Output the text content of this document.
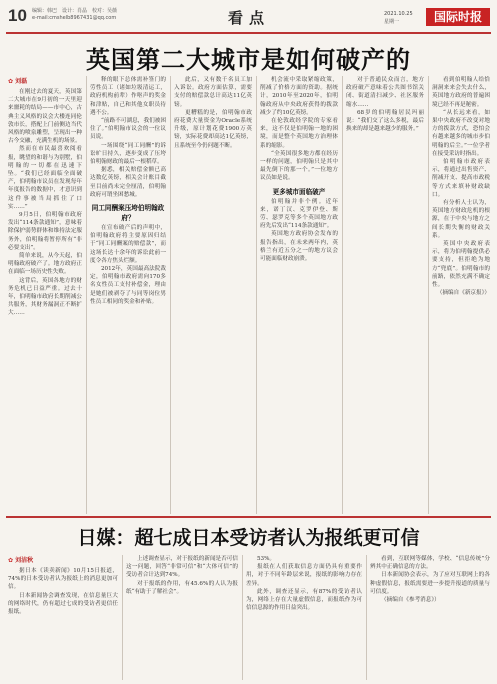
10 编辑：韩巴　设计：肖晶　校对：吴薇
e-mail:cmshelb8967431@qq.com	看点	2021.10.25
星期一	国际时报
英国第二大城市是如何破产的
✿ 刘磊

在刚过去的夏天，英国第二大城市在9月初的一天里迎来噩耗的结局——市中心，古典主义风格的议会大楼连同伦敦市长，搭配上门前侧边当代风格的喷泉雕塑，呈现出一种古今交融，充满生机的场景。

然而在市民最喜欢阅看报，眺望的和谐与为别墅，伯明翰的一切都在迅速下坠。“我们已经面临全面破产，伯明翰市议员在发现每年年度报告的数据中，才意识到这件事被当局抓住了口实……”

9月5日，伯明翰市政府发出“114条款通知”，意味着除保护弱势群体和维持法定服务外，伯明翰将暂停所有“非必要支出”。

简单来说，从今天起，伯明翰政府破产了。地方政府正在面临一场历史性失败。

这背后，英国各地方的财务危机已日益严重。过去十年，伯明翰市政府长期削减公共服务，其财务漏洞正不断扩大……

释的眼下总体需补签门的劳性员工（诸如垃圾清运工，政府机构前辈）作呕声的奖金和津贴，自己和其他女职员待遇不公。

“前路不可湖息，我们被困住了。”伯明翰市议会的一位议员说。

一场围绕“同工同酬”的诉讼旷日持久，逐步变成了压垮伯明翰财政的最后一根稻草。

据悉，相关赔偿金额已高达数亿英镑，相关会计账目截至目前尚未完全厘清，伯明翰政府可谓坐困愁城。

同工同酬案压垮伯明翰政府？

在宣布破产后的声明中，伯明翰政府将主要原因归结于“同工同酬案的赔偿款”，而这场长达十余年的诉讼此前一度令各方焦头烂额。

2012年，英国最高法院裁定，伯明翰市政府需向170多名女性员工支付补偿金，理由是她们被剥夺了与同等岗位男性员工相同的奖金和补贴。

此后，又有数千名员工加入诉讼。政府方面估算，需要支付的赔偿款总计高达11亿英镑。

更糟糕的是，伯明翰市政府花费大量资金为Oracle系统升级，原计划花费1900万英镑，实际花费却高达1亿英镑，且系统至今仍问题不断。

机会流中采取紧缩政策，削减了价格方面的资助。据统计，2010年至2020年，伯明翰政府从中央政府获得的拨款减少了约10亿英镑。

在伦敦政经学院的专家看来，这不仅是伯明翰一地的困境，而是整个英国地方治理体系的缩影。

“全英国很多地方都在经历一样的问题，伯明翰只是其中最先倒下的那一个。”一位地方议员如是说。

更多城市面临破产

伯明翰并非个例。近年来，诺丁汉、克罗伊登、斯劳、瑟罗克等多个英国地方政府先后发出“114条款通知”。

英国地方政府协会发布的报告指出，在未来两年内，英格兰有近五分之一的地方议会可能面临财政崩溃。

对于普通民众而言，地方政府破产意味着公共图书馆关闭、街道清扫减少、社区服务缩水……

68岁的伯明翰居民玛丽说：“我们交了这么多税，最后换来的却是越来越少的服务。”

看到伯明翰人给恰洞洞来来会失去什么，英国地方政府的普遍困境已经不再是秘密。

“从长远来看，如果中央政府不改变对地方的拨款方式，恐怕会有越来越多的城市步伯明翰的后尘。”一位学者在接受采访时指出。

伯明翰市政府表示，将通过出售资产、削减开支、提高市政税等方式来填补财政缺口。

有分析人士认为，英国地方财政危机的根源，在于中央与地方之间长期失衡的财政关系。

英国中央政府表示，将为伯明翰提供必要支持，但拒绝为地方“兜底”。伯明翰市的前路，依然充满不确定性。

（摘编自《新京报》）

日媒：超七成日本受访者认为报纸更可信
✿ 刘洁秋

据日本《读卖新闻》10月15日报道，74%的日本受访者认为报纸上的消息更加可信。

日本新闻协会调查发现，在信息量巨大的网络时代，仍有超过七成的受访者更信任报纸。

上述调查显示，对于报纸的新闻是否可信这一问题，回答“非常可信”和“大体可信”的受访者合计达到74%。

对于报纸的作用，有45.6%的人认为报纸“有助于了解社会”。

53%。

报纸在人们获取信息方面仍具有重要作用，对于不同年龄层来说，报纸的影响力存在差异。

此外，调查还显示，有87%的受访者认为，网络上存在大量虚假信息，而报纸作为可信信息源的作用日益突出。

看到，互联网等媒体，学校、“信息传统”分辨其中正确信息的方法。

日本新闻协会表示，为了应对互联网上的各种虚假信息，报纸需要进一步提升报道的质量与可信度。

（摘编自《参考消息》）
